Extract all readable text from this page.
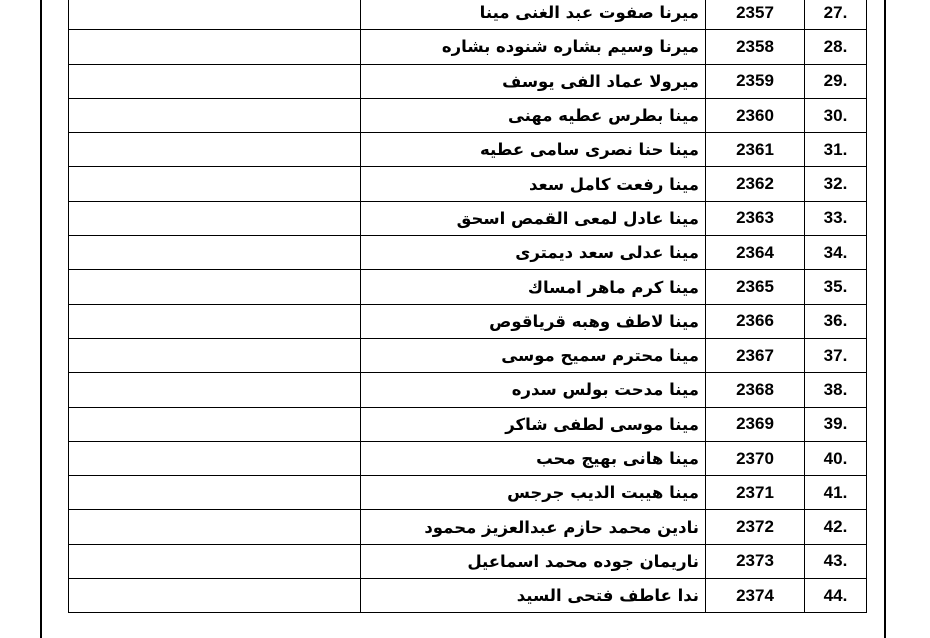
	ميرنا صفوت عبد الغنى مينا	2357	27.
	ميرنا وسيم بشاره شنوده بشاره	2358	28.
	ميرولا عماد الفى يوسف	2359	29.
	مينا بطرس عطيه مهنى	2360	30.
	مينا حنا نصرى سامى عطيه	2361	31.
	مينا رفعت كامل سعد	2362	32.
	مينا عادل لمعى القمص اسحق	2363	33.
	مينا عدلى سعد ديمترى	2364	34.
	مينا كرم ماهر امساك	2365	35.
	مينا لاطف وهبه قرياقوص	2366	36.
	مينا محترم سميح موسى	2367	37.
	مينا مدحت بولس سدره	2368	38.
	مينا موسى لطفى شاكر	2369	39.
	مينا هانى بهيج محب	2370	40.
	مينا هيبت الديب جرجس	2371	41.
	نادين محمد حازم عبدالعزيز محمود	2372	42.
	ناريمان جوده محمد اسماعيل	2373	43.
	ندا عاطف فتحى السيد	2374	44.
